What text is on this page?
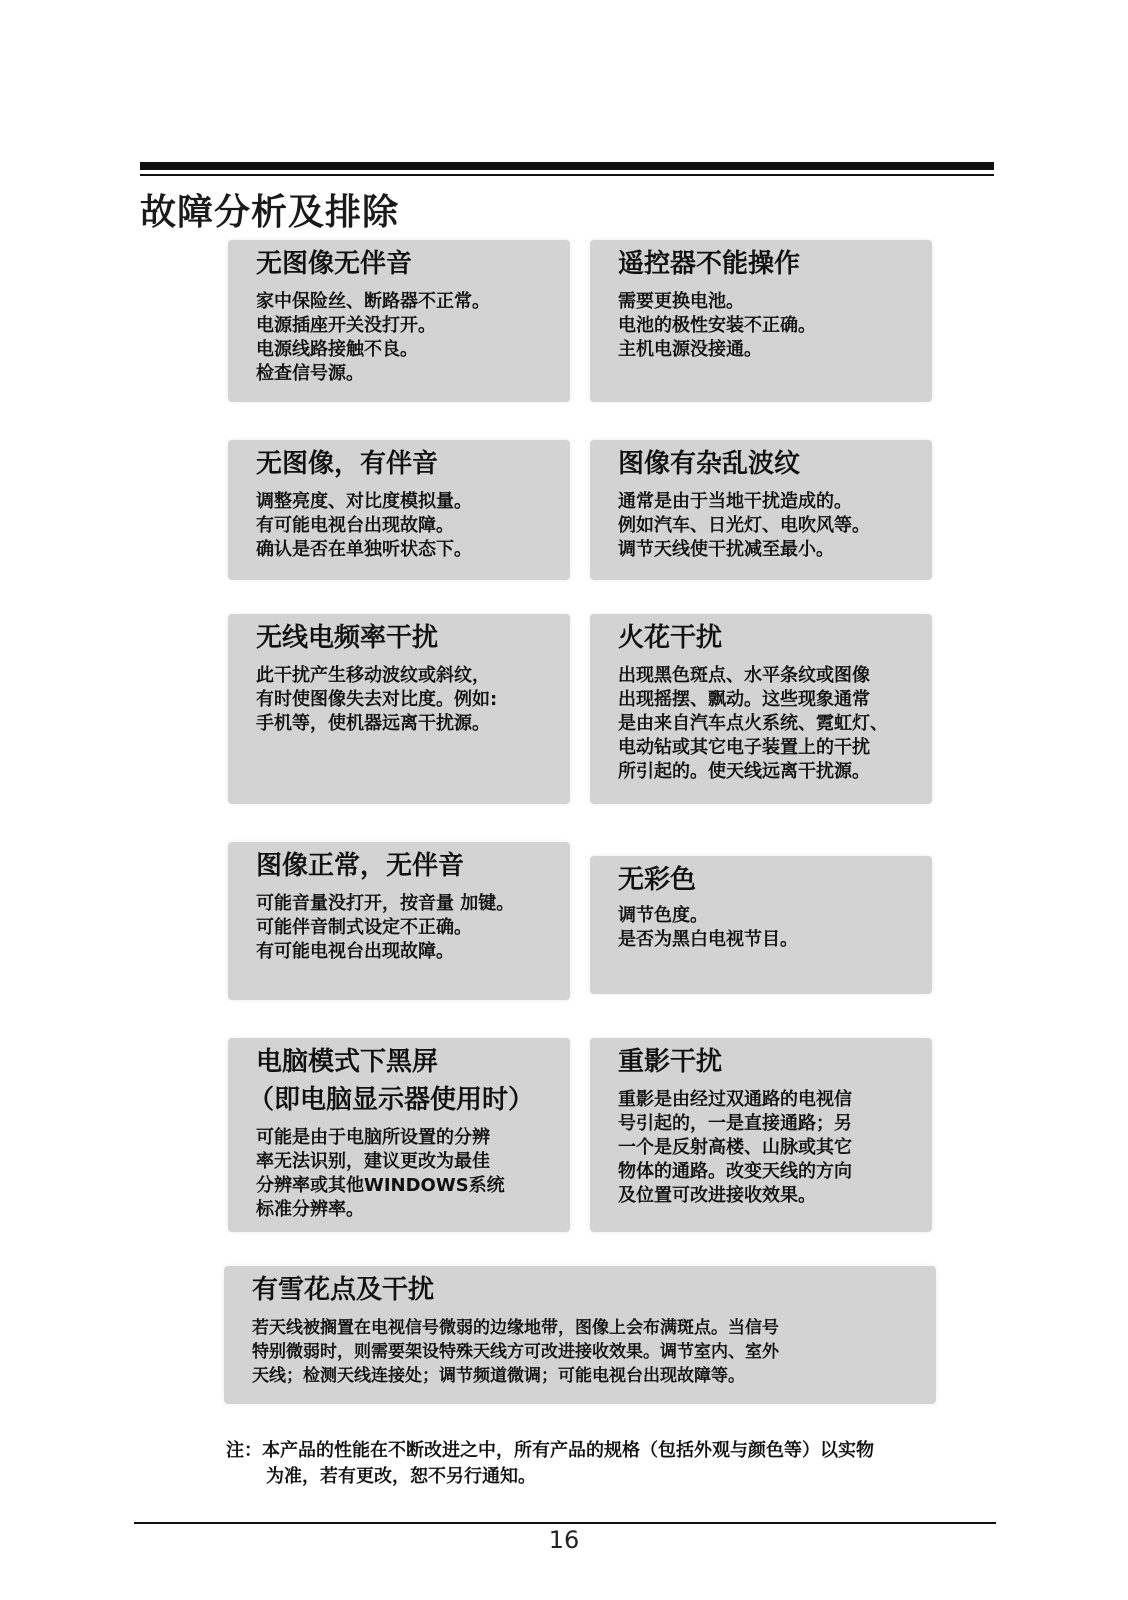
故障分析及排除
无图像无伴音
家中保险丝、断路器不正常。
电源插座开关没打开。
电源线路接触不良。
检查信号源。
遥控器不能操作
需要更换电池。
电池的极性安装不正确。
主机电源没接通。
无图像，有伴音
调整亮度、对比度模拟量。
有可能电视台出现故障。
确认是否在单独听状态下。
图像有杂乱波纹
通常是由于当地干扰造成的。
例如汽车、日光灯、电吹风等。
调节天线使干扰减至最小。
无线电频率干扰
此干扰产生移动波纹或斜纹，
有时使图像失去对比度。例如:
手机等，使机器远离干扰源。
火花干扰
出现黑色斑点、水平条纹或图像
出现摇摆、飘动。这些现象通常
是由来自汽车点火系统、霓虹灯、
电动钻或其它电子装置上的干扰
所引起的。使天线远离干扰源。
图像正常，无伴音
可能音量没打开，按音量 加键。
可能伴音制式设定不正确。
有可能电视台出现故障。
无彩色
调节色度。
是否为黑白电视节目。
电脑模式下黑屏
（即电脑显示器使用时）
可能是由于电脑所设置的分辨
率无法识别，建议更改为最佳
分辨率或其他WINDOWS系统
标准分辨率。
重影干扰
重影是由经过双通路的电视信
号引起的，一是直接通路；另
一个是反射高楼、山脉或其它
物体的通路。改变天线的方向
及位置可改进接收效果。
有雪花点及干扰
若天线被搁置在电视信号微弱的边缘地带，图像上会布满斑点。当信号
特别微弱时，则需要架设特殊天线方可改进接收效果。调节室内、室外
天线；检测天线连接处；调节频道微调；可能电视台出现故障等。
注：本产品的性能在不断改进之中，所有产品的规格（包括外观与颜色等）以实物
为准，若有更改，恕不另行通知。
16
